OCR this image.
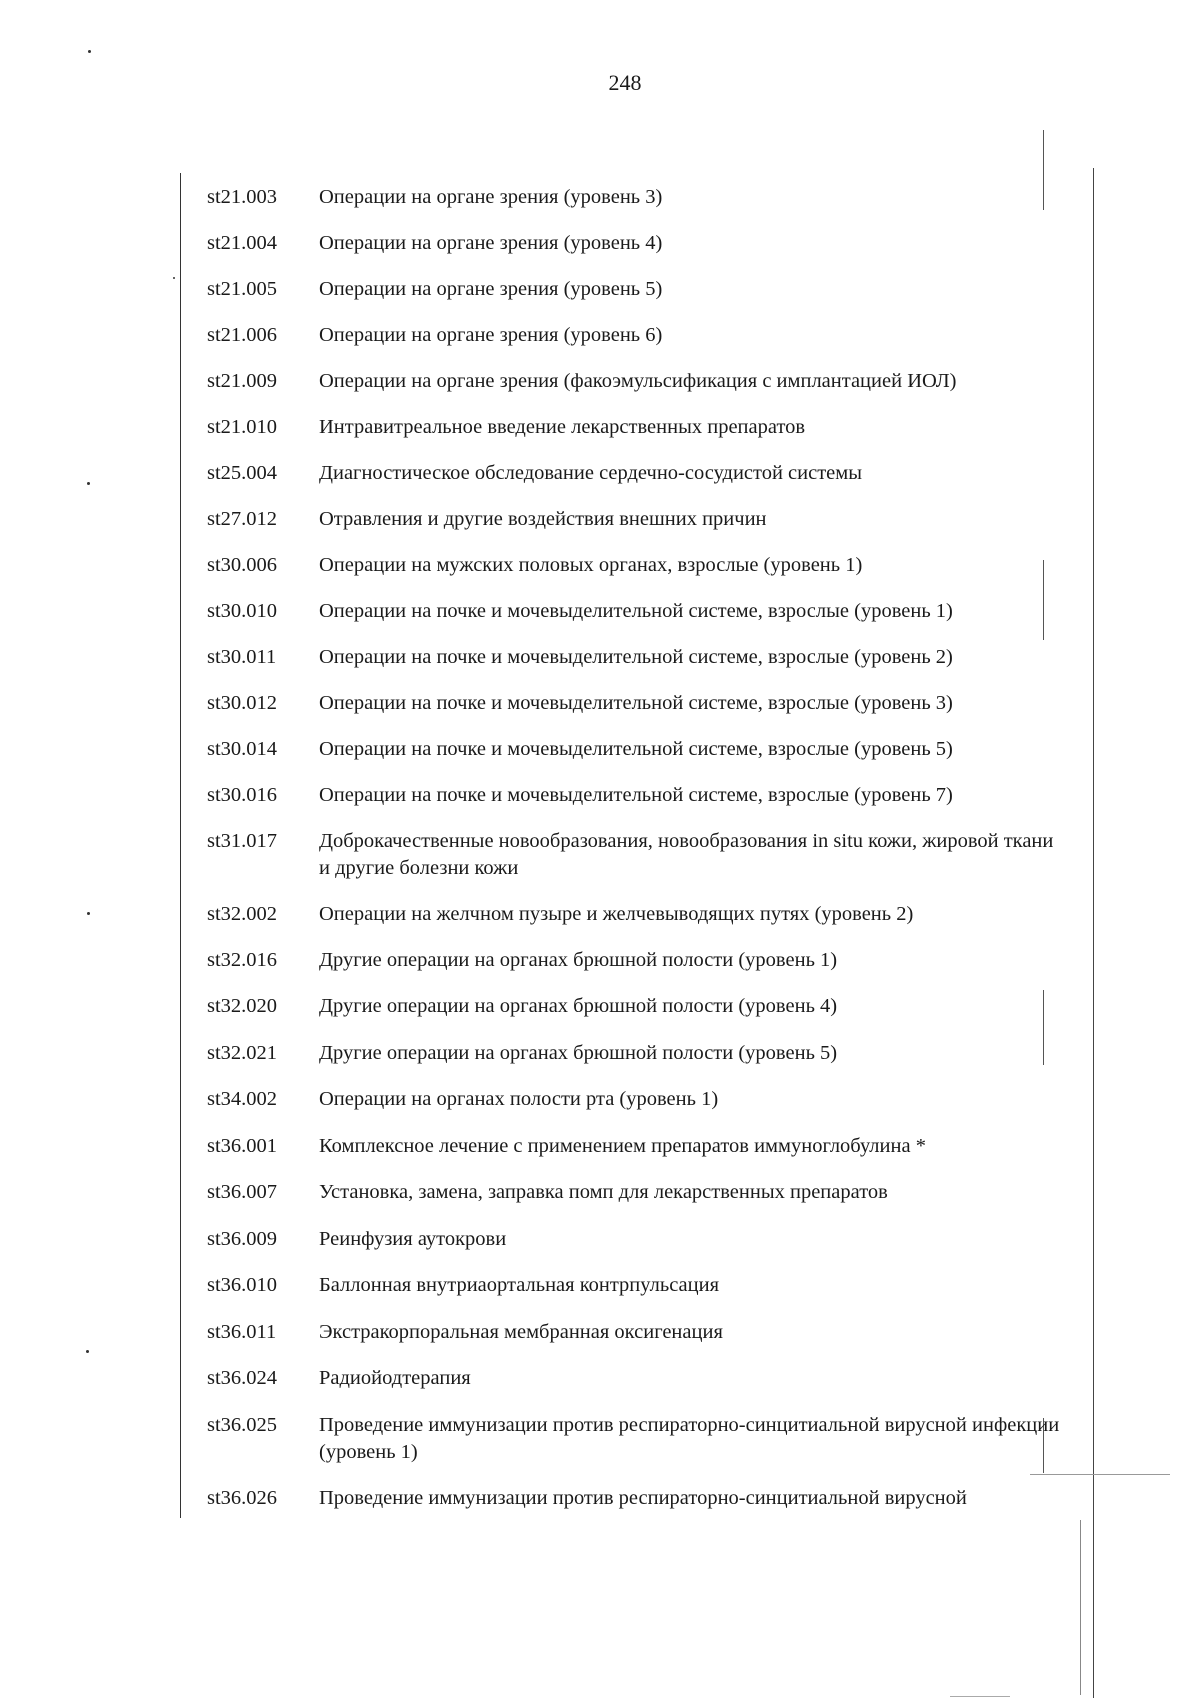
248
st21.003 Операции на органе зрения (уровень 3)
st21.004 Операции на органе зрения (уровень 4)
st21.005 Операции на органе зрения (уровень 5)
st21.006 Операции на органе зрения (уровень 6)
st21.009 Операции на органе зрения (факоэмульсификация с имплантацией ИОЛ)
st21.010 Интравитреальное введение лекарственных препаратов
st25.004 Диагностическое обследование сердечно-сосудистой системы
st27.012 Отравления и другие воздействия внешних причин
st30.006 Операции на мужских половых органах, взрослые (уровень 1)
st30.010 Операции на почке и мочевыделительной системе, взрослые (уровень 1)
st30.011 Операции на почке и мочевыделительной системе, взрослые (уровень 2)
st30.012 Операции на почке и мочевыделительной системе, взрослые (уровень 3)
st30.014 Операции на почке и мочевыделительной системе, взрослые (уровень 5)
st30.016 Операции на почке и мочевыделительной системе, взрослые (уровень 7)
st31.017 Доброкачественные новообразования, новообразования in situ кожи, жировой ткани и другие болезни кожи
st32.002 Операции на желчном пузыре и желчевыводящих путях (уровень 2)
st32.016 Другие операции на органах брюшной полости (уровень 1)
st32.020 Другие операции на органах брюшной полости (уровень 4)
st32.021 Другие операции на органах брюшной полости (уровень 5)
st34.002 Операции на органах полости рта (уровень 1)
st36.001 Комплексное лечение с применением препаратов иммуноглобулина *
st36.007 Установка, замена, заправка помп для лекарственных препаратов
st36.009 Реинфузия аутокрови
st36.010 Баллонная внутриаортальная контрпульсация
st36.011 Экстракорпоральная мембранная оксигенация
st36.024 Радиойодтерапия
st36.025 Проведение иммунизации против респираторно-синцитиальной вирусной инфекции (уровень 1)
st36.026 Проведение иммунизации против респираторно-синцитиальной вирусной
